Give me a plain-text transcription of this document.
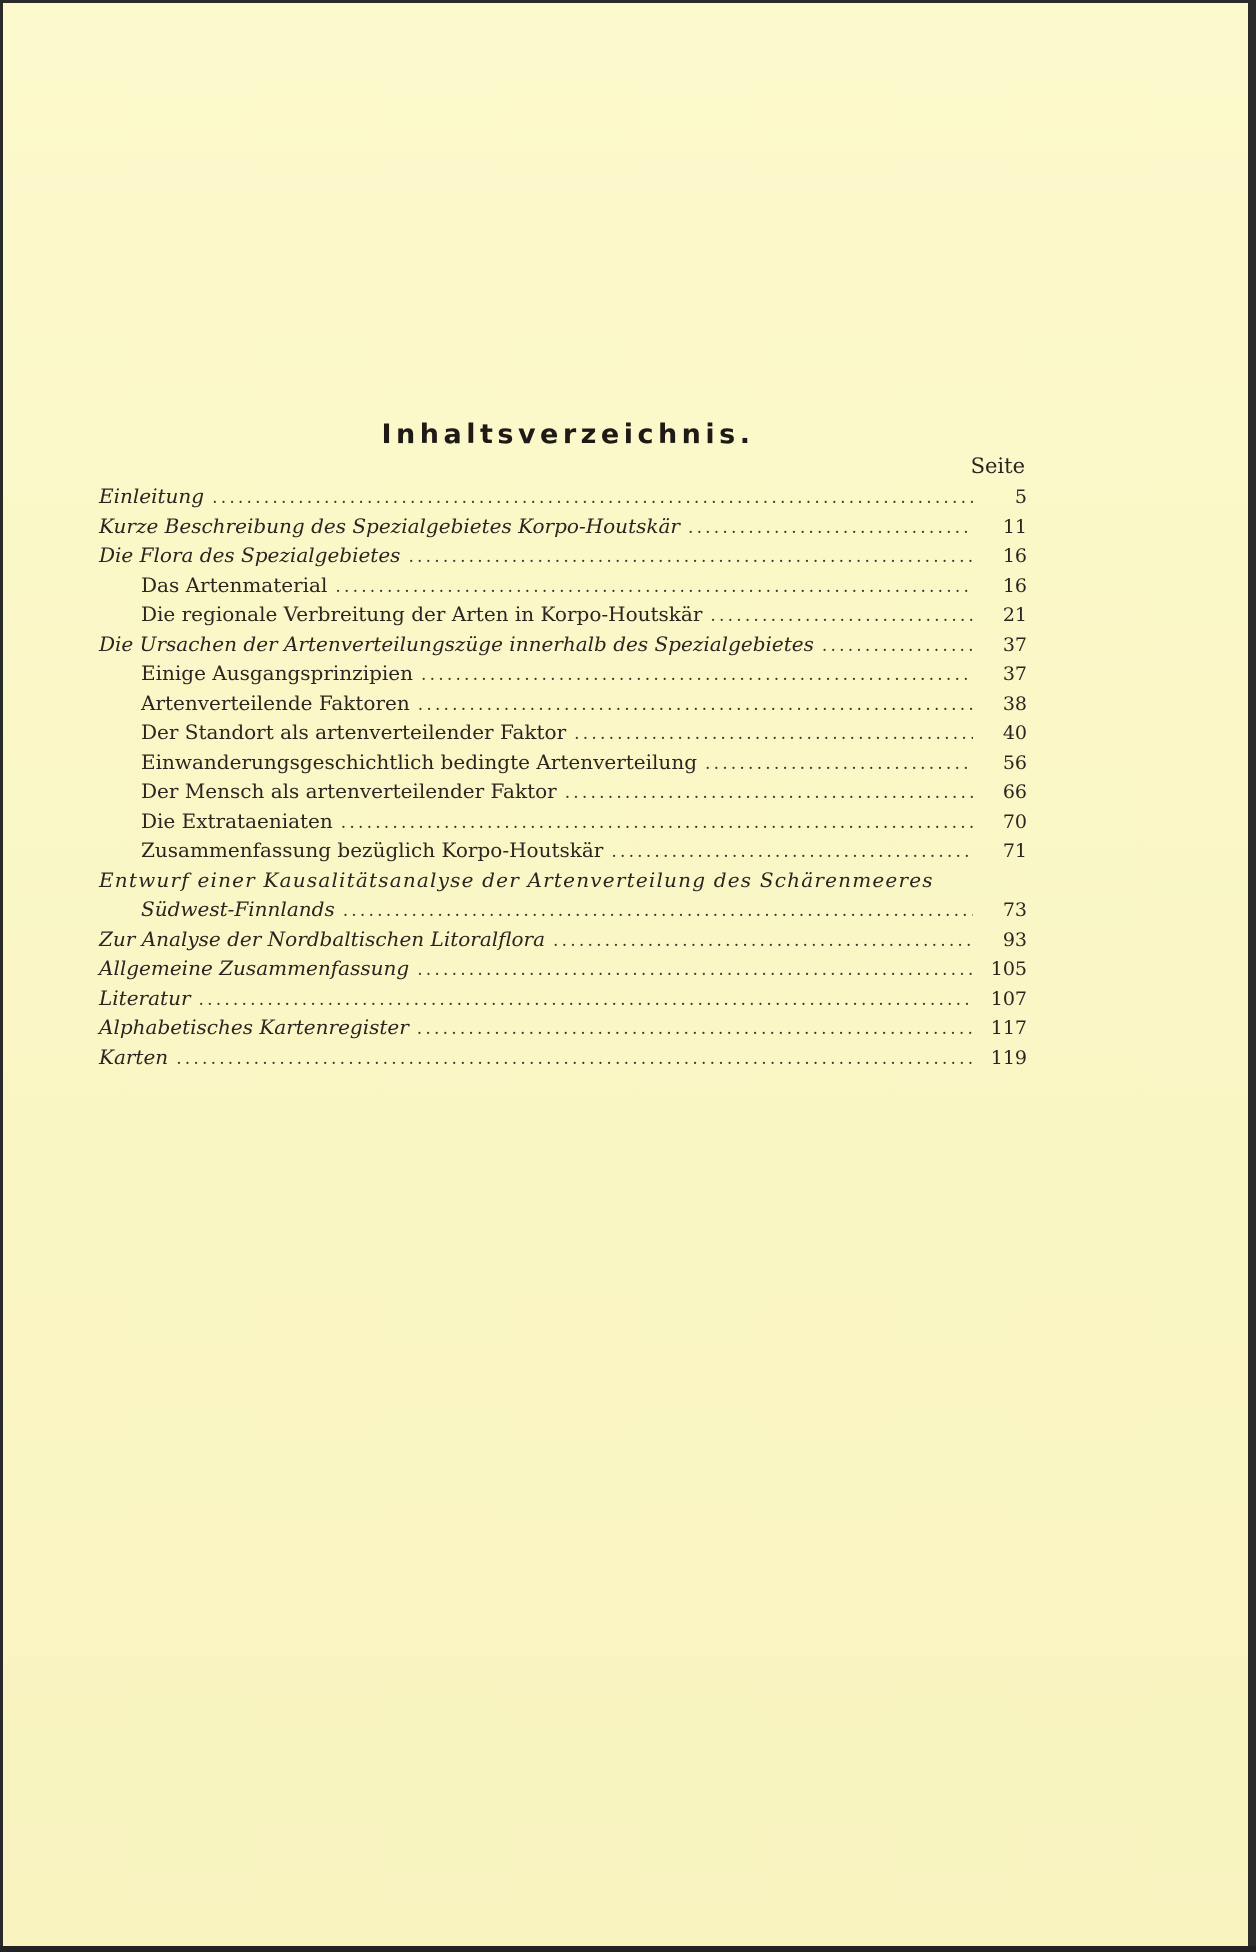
Inhaltsverzeichnis.
Seite
Einleitung .....	5
Kurze Beschreibung des Spezialgebietes Korpo-Houtskär .....	11
Die Flora des Spezialgebietes .....	16
Das Artenmaterial .....	16
Die regionale Verbreitung der Arten in Korpo-Houtskär .....	21
Die Ursachen der Artenverteilungszüge innerhalb des Spezialgebietes .....	37
Einige Ausgangsprinzipien .....	37
Artenverteilende Faktoren .....	38
Der Standort als artenverteilender Faktor .....	40
Einwanderungsgeschichtlich bedingte Artenverteilung .....	56
Der Mensch als artenverteilender Faktor .....	66
Die Extrataeniaten .....	70
Zusammenfassung bezüglich Korpo-Houtskär .....	71
Entwurf einer Kausalitätsanalyse der Artenverteilung des Schärenmeeres
Südwest-Finnlands .....	73
Zur Analyse der Nordbaltischen Litoralflora .....	93
Allgemeine Zusammenfassung .....	105
Literatur .....	107
Alphabetisches Kartenregister .....	117
Karten .....	119
